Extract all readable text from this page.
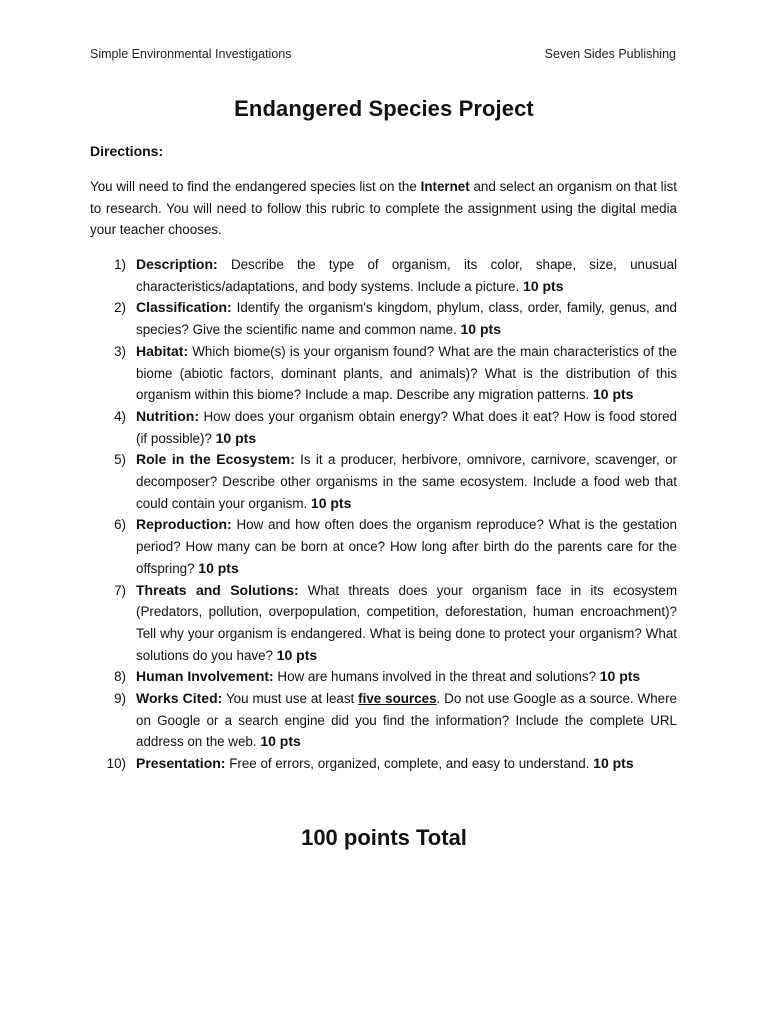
Simple Environmental Investigations	Seven Sides Publishing
Endangered Species Project
Directions:

You will need to find the endangered species list on the Internet and select an organism on that list to research. You will need to follow this rubric to complete the assignment using the digital media your teacher chooses.

1) Description: Describe the type of organism, its color, shape, size, unusual characteristics/adaptations, and body systems. Include a picture. 10 pts
2) Classification: Identify the organism's kingdom, phylum, class, order, family, genus, and species? Give the scientific name and common name. 10 pts
3) Habitat: Which biome(s) is your organism found? What are the main characteristics of the biome (abiotic factors, dominant plants, and animals)? What is the distribution of this organism within this biome? Include a map. Describe any migration patterns. 10 pts
4) Nutrition: How does your organism obtain energy? What does it eat? How is food stored (if possible)? 10 pts
5) Role in the Ecosystem: Is it a producer, herbivore, omnivore, carnivore, scavenger, or decomposer? Describe other organisms in the same ecosystem. Include a food web that could contain your organism. 10 pts
6) Reproduction: How and how often does the organism reproduce? What is the gestation period? How many can be born at once? How long after birth do the parents care for the offspring? 10 pts
7) Threats and Solutions: What threats does your organism face in its ecosystem (Predators, pollution, overpopulation, competition, deforestation, human encroachment)? Tell why your organism is endangered. What is being done to protect your organism? What solutions do you have? 10 pts
8) Human Involvement: How are humans involved in the threat and solutions? 10 pts
9) Works Cited: You must use at least five sources. Do not use Google as a source. Where on Google or a search engine did you find the information? Include the complete URL address on the web. 10 pts
10) Presentation: Free of errors, organized, complete, and easy to understand. 10 pts
100 points Total
